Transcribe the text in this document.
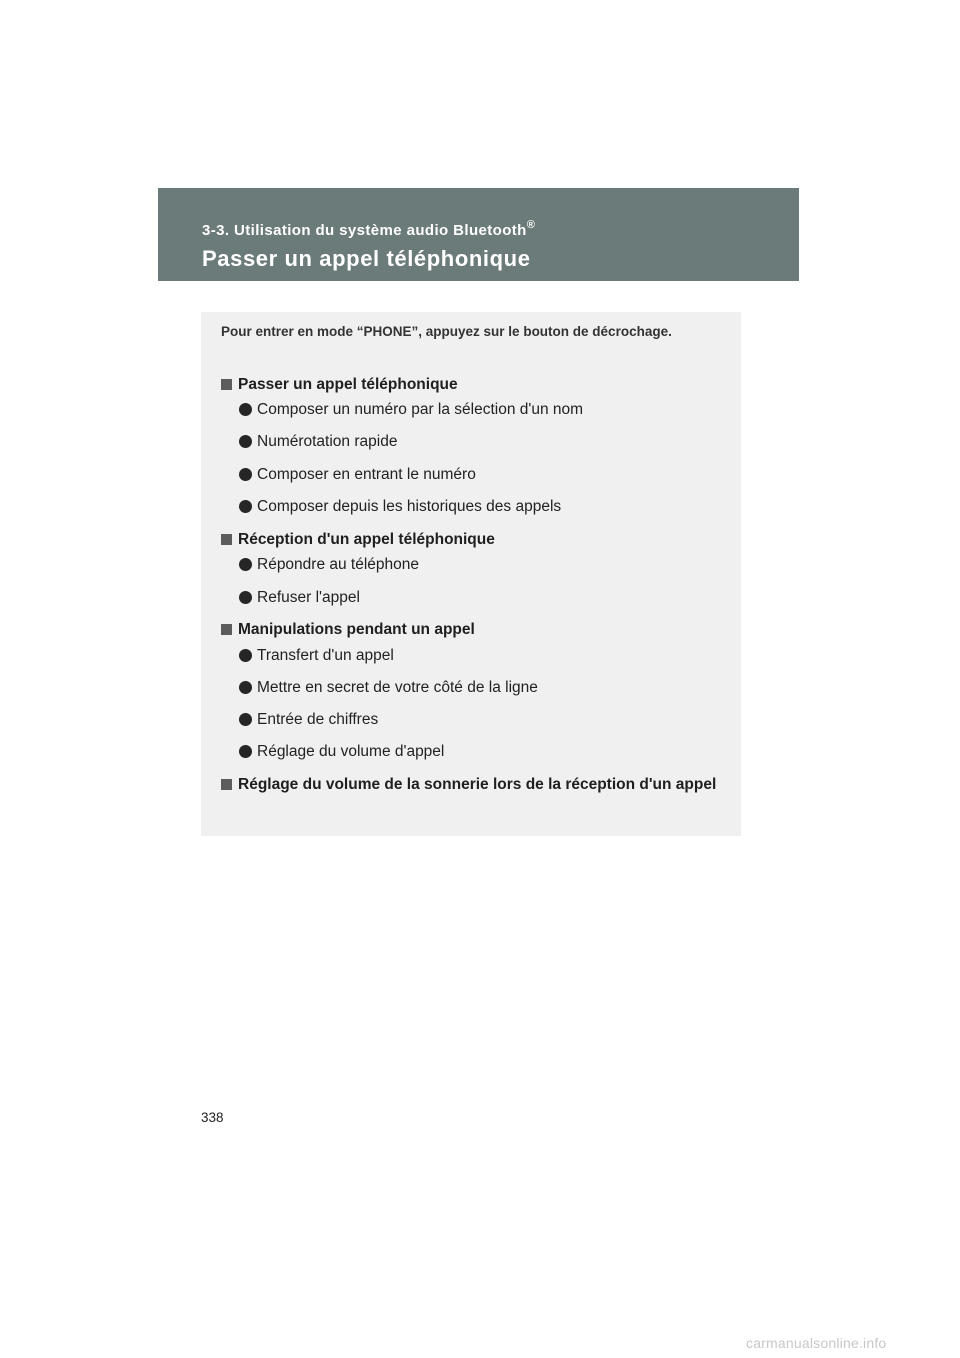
3-3. Utilisation du système audio Bluetooth®
Passer un appel téléphonique

Pour entrer en mode “PHONE”, appuyez sur le bouton de décrochage.

Passer un appel téléphonique
Composer un numéro par la sélection d'un nom
Numérotation rapide
Composer en entrant le numéro
Composer depuis les historiques des appels
Réception d'un appel téléphonique
Répondre au téléphone
Refuser l'appel
Manipulations pendant un appel
Transfert d'un appel
Mettre en secret de votre côté de la ligne
Entrée de chiffres
Réglage du volume d'appel
Réglage du volume de la sonnerie lors de la réception d'un appel
338
carmanualsonline.info
